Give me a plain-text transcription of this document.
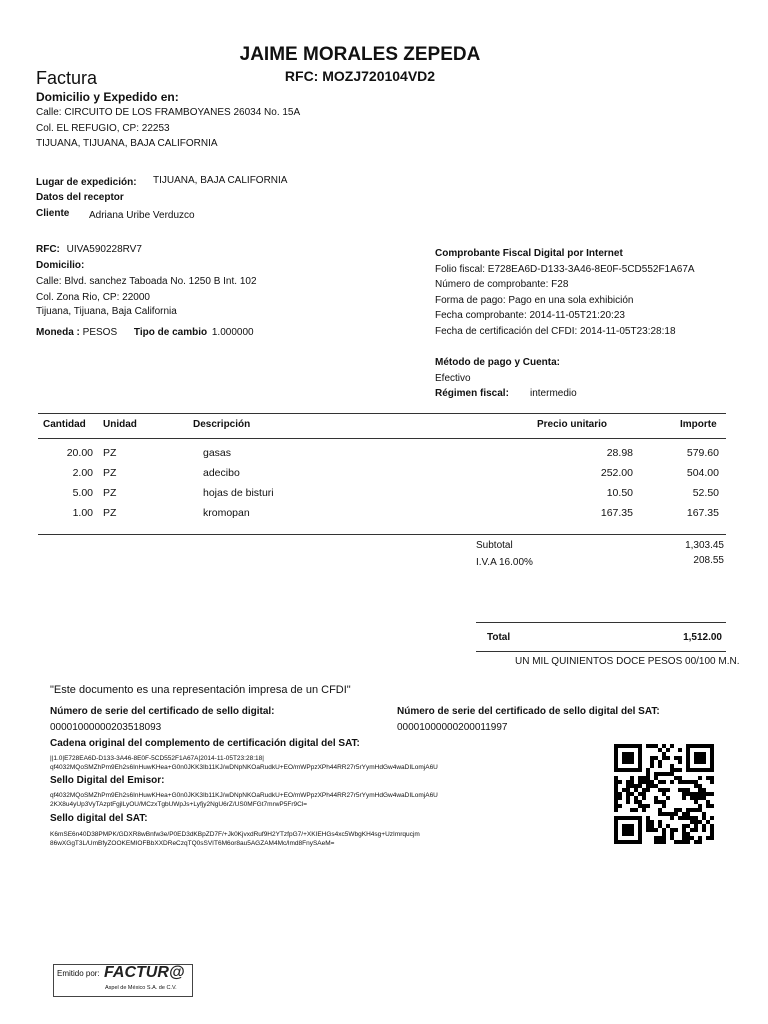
JAIME MORALES ZEPEDA
RFC: MOZJ720104VD2
Factura
Domicilio y Expedido en:
Calle: CIRCUITO DE LOS FRAMBOYANES 26034 No. 15A
Col. EL REFUGIO, CP: 22253
TIJUANA, TIJUANA, BAJA CALIFORNIA
Lugar de expedición: TIJUANA, BAJA CALIFORNIA
Datos del receptor
Cliente Adriana Uribe Verduzco
RFC: UIVA590228RV7
Domicilio:
Calle: Blvd. sanchez Taboada No. 1250 B Int. 102
Col. Zona Rio, CP: 22000
Tijuana, Tijuana, Baja California
Moneda : PESOS Tipo de cambio 1.000000
Comprobante Fiscal Digital por Internet
Folio fiscal: E728EA6D-D133-3A46-8E0F-5CD552F1A67A
Número de comprobante: F28
Forma de pago: Pago en una sola exhibición
Fecha comprobante: 2014-11-05T21:20:23
Fecha de certificación del CFDI: 2014-11-05T23:28:18
Método de pago y Cuenta:
Efectivo
Régimen fiscal: intermedio
Cantidad Unidad	Descripción	Precio unitario	Importe
20.00	PZ	gasas	28.98	579.60
2.00	PZ	adecibo	252.00	504.00
5.00	PZ	hojas de bisturi	10.50	52.50
1.00	PZ	kromopan	167.35	167.35
Subtotal	1,303.45
I.V.A 16.00%	208.55
Total	1,512.00
UN MIL QUINIENTOS DOCE PESOS 00/100 M.N.
"Este documento es una representación impresa de un CFDI"
Número de serie del certificado de sello digital:
00001000000203518093
Número de serie del certificado de sello digital del SAT:
00001000000200011997
Cadena original del complemento de certificación digital del SAT:
||1.0|E728EA6D-D133-3A46-8E0F-5CD552F1A67A|2014-11-05T23:28:18|
qf4032MQoSMZhPm9Eh2s6InHuwKHea+G0n0JKK3Ib11KJ/wDNpNKOaRudkU+EO/mWPpzXPh44RR27r5rYymHdGw4waDILomjA6U
Sello Digital del Emisor:
qf4032MQoSMZhPm9Eh2s6InHuwKHea+G0n0JKK3Ib11KJ/wDNpNKOaRudkU+EO/mWPpzXPh44RR27r5rYymHdGw4waDILomjA6U
2KX8u4yUp3VyTAzptFgjlLyOU/MCzxTgbUWpJs+Lyfjy2NgU6rZ/US0MFGt7mrwP5Fr9Cl=
Sello digital del SAT:
K6mSE6n40D38PMPK/GDXR8wBnfw3e/P0ED3dKBpZD7F/+Jk0KjvxdRuf9H2YTzfpG7/+XKIEHGs4xc5WbgKH4sg+UzImrqucjm
86wXGgT3L/UmBfyZOOKEMIOFBbXXDReCzqTQ0sSVIT6M6or8au5AGZAM4Mc/lmd8FnySAeM=
Emitido por: FACTUR@
Aspel de México S.A. de C.V.
